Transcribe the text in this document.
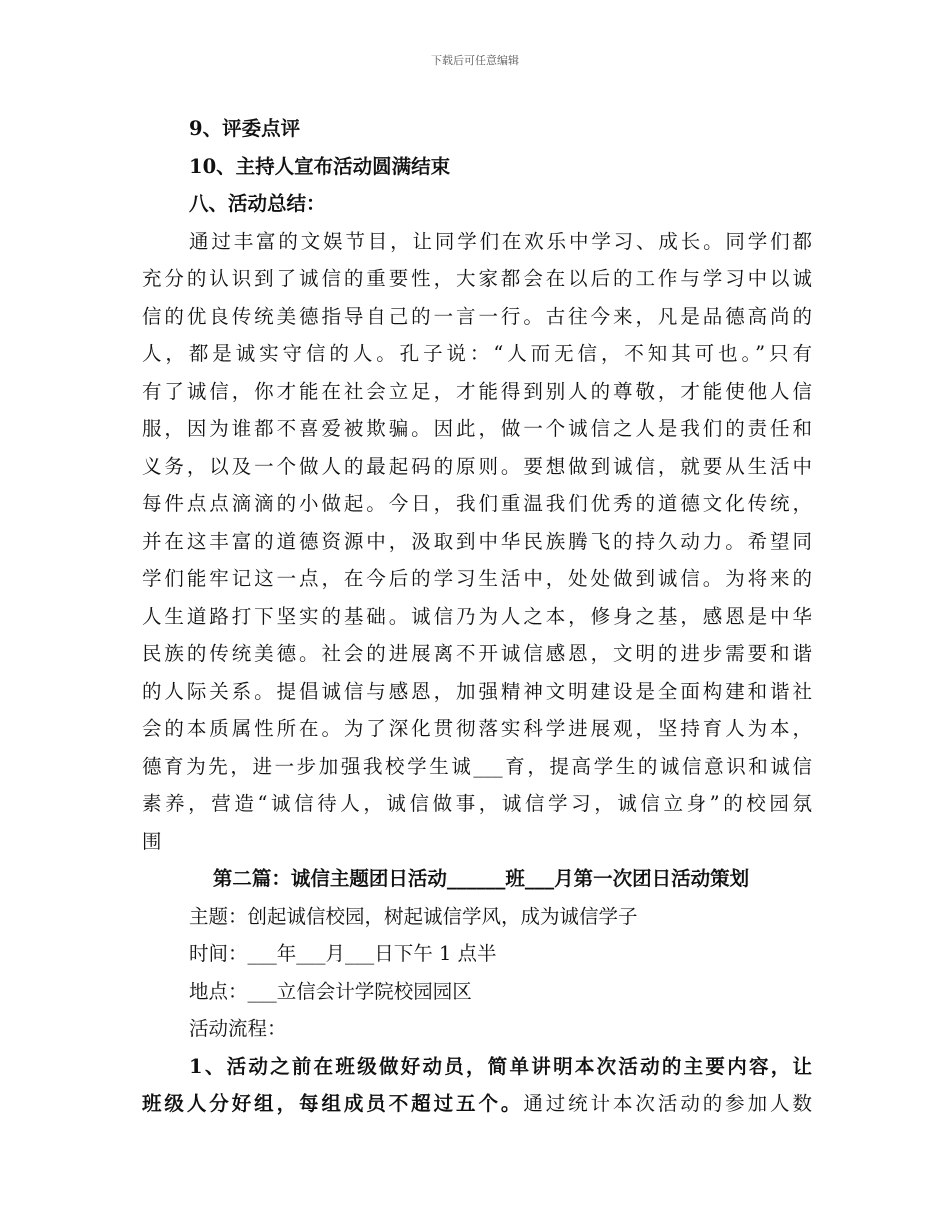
下载后可任意编辑
9、评委点评
10、主持人宣布活动圆满结束
八、活动总结：
通过丰富的文娱节目，让同学们在欢乐中学习、成长。同学们都
充分的认识到了诚信的重要性，大家都会在以后的工作与学习中以诚
信的优良传统美德指导自己的一言一行。古往今来，凡是品德高尚的
人，都是诚实守信的人。孔子说：“人而无信，不知其可也。”只有
有了诚信，你才能在社会立足，才能得到别人的尊敬，才能使他人信
服，因为谁都不喜爱被欺骗。因此，做一个诚信之人是我们的责任和
义务，以及一个做人的最起码的原则。要想做到诚信，就要从生活中
每件点点滴滴的小做起。今日，我们重温我们优秀的道德文化传统，
并在这丰富的道德资源中，汲取到中华民族腾飞的持久动力。希望同
学们能牢记这一点，在今后的学习生活中，处处做到诚信。为将来的
人生道路打下坚实的基础。诚信乃为人之本，修身之基，感恩是中华
民族的传统美德。社会的进展离不开诚信感恩，文明的进步需要和谐
的人际关系。提倡诚信与感恩，加强精神文明建设是全面构建和谐社
会的本质属性所在。为了深化贯彻落实科学进展观，坚持育人为本，
德育为先，进一步加强我校学生诚___育，提高学生的诚信意识和诚信
素养，营造“诚信待人，诚信做事，诚信学习，诚信立身”的校园氛
围
第二篇：诚信主题团日活动______班___月第一次团日活动策划
主题：创起诚信校园，树起诚信学风，成为诚信学子
时间：___年___月___日下午 1 点半
地点：___立信会计学院校园园区
活动流程：
1、活动之前在班级做好动员，简单讲明本次活动的主要内容，让
班级人分好组，每组成员不超过五个。通过统计本次活动的参加人数
